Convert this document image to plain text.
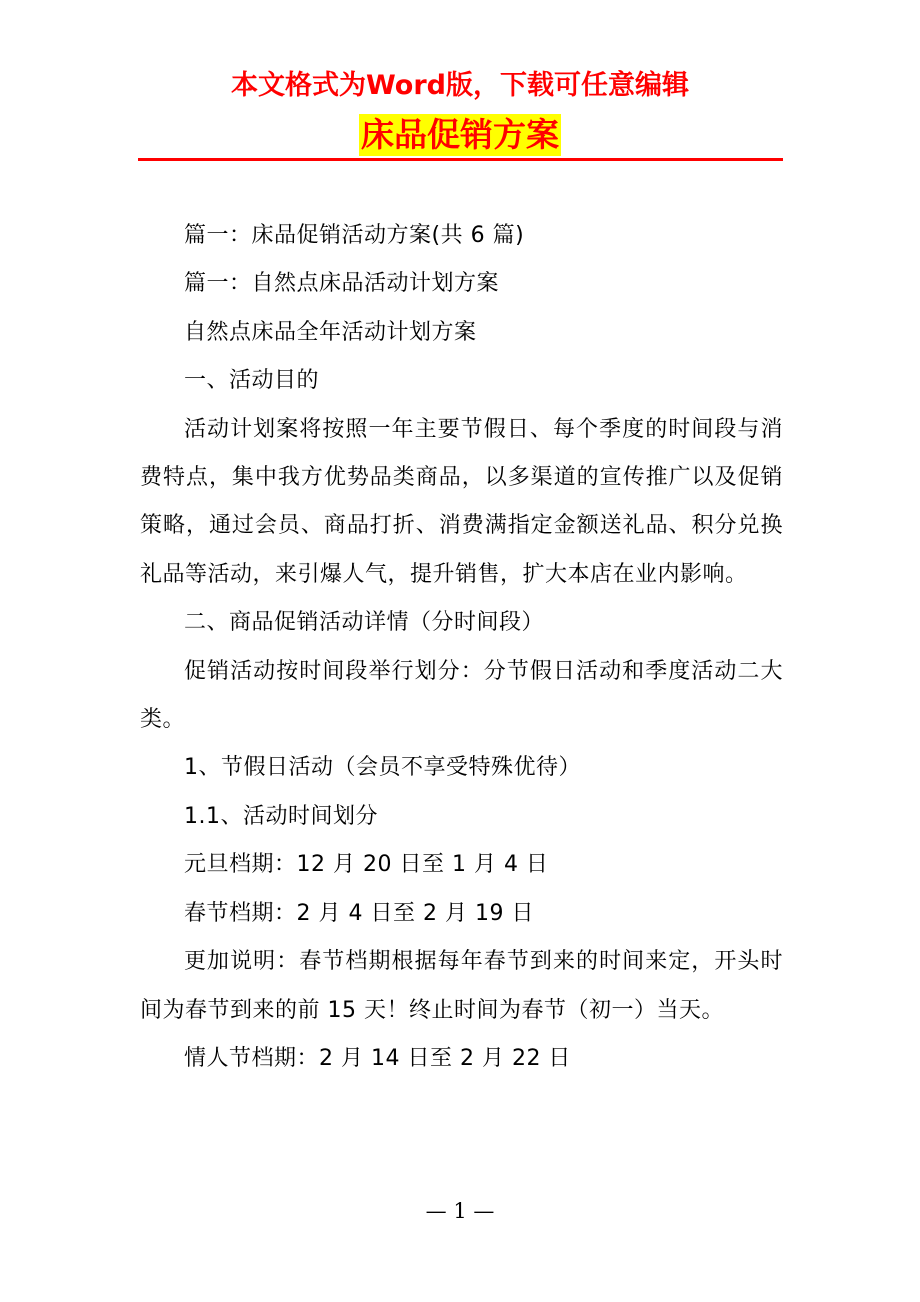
本文格式为Word版，下载可任意编辑
床品促销方案

篇一：床品促销活动方案(共 6 篇)

篇一：自然点床品活动计划方案

自然点床品全年活动计划方案

一、活动目的

活动计划案将按照一年主要节假日、每个季度的时间段与消费特点，集中我方优势品类商品，以多渠道的宣传推广以及促销策略，通过会员、商品打折、消费满指定金额送礼品、积分兑换礼品等活动，来引爆人气，提升销售，扩大本店在业内影响。

二、商品促销活动详情（分时间段）

促销活动按时间段举行划分：分节假日活动和季度活动二大类。

1、节假日活动（会员不享受特殊优待）

1.1、活动时间划分

元旦档期：12 月 20 日至 1 月 4 日

春节档期：2 月 4 日至 2 月 19 日

更加说明：春节档期根据每年春节到来的时间来定，开头时间为春节到来的前 15 天！终止时间为春节（初一）当天。

情人节档期：2 月 14 日至 2 月 22 日

— 1 —
